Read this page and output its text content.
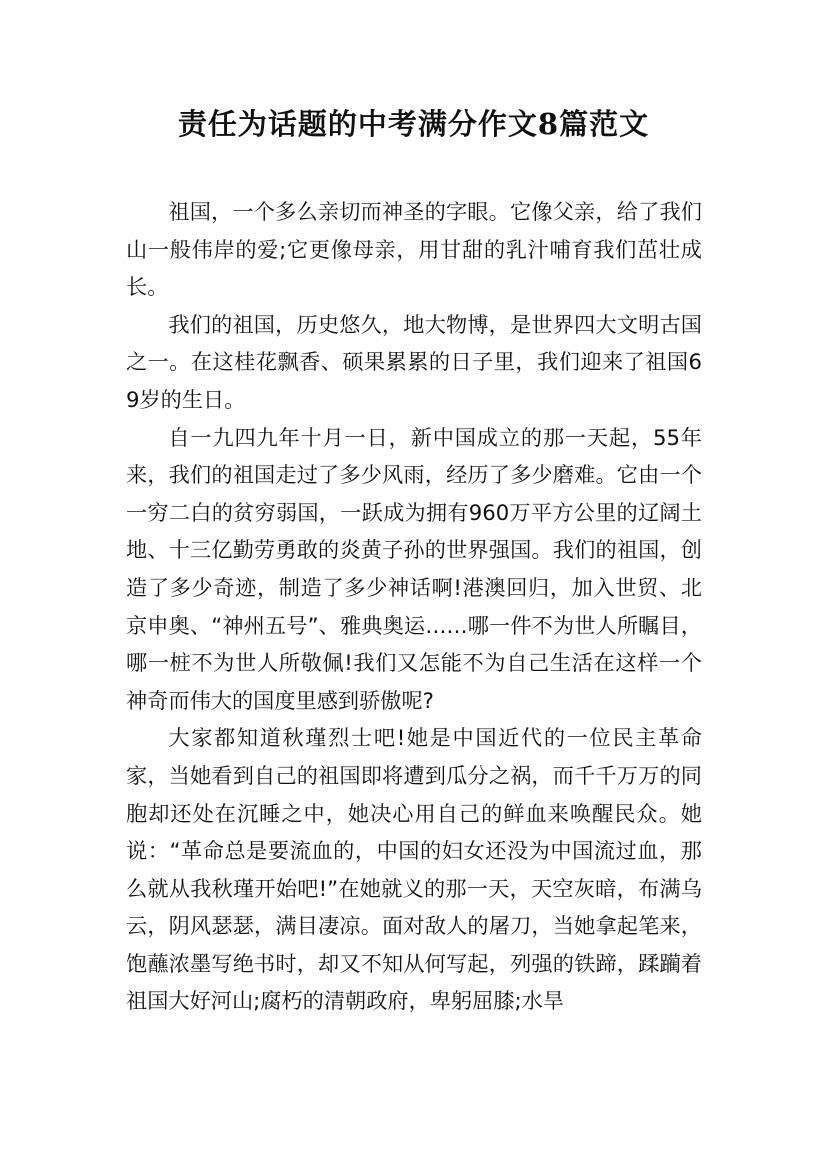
责任为话题的中考满分作文8篇范文

祖国，一个多么亲切而神圣的字眼。它像父亲，给了我们山一般伟岸的爱;它更像母亲，用甘甜的乳汁哺育我们茁壮成长。

我们的祖国，历史悠久，地大物博，是世界四大文明古国之一。在这桂花飘香、硕果累累的日子里，我们迎来了祖国69岁的生日。

自一九四九年十月一日，新中国成立的那一天起，55年来，我们的祖国走过了多少风雨，经历了多少磨难。它由一个一穷二白的贫穷弱国，一跃成为拥有960万平方公里的辽阔土地、十三亿勤劳勇敢的炎黄子孙的世界强国。我们的祖国，创造了多少奇迹，制造了多少神话啊!港澳回归，加入世贸、北京申奥、“神州五号”、雅典奥运……哪一件不为世人所瞩目，哪一桩不为世人所敬佩!我们又怎能不为自己生活在这样一个神奇而伟大的国度里感到骄傲呢?

大家都知道秋瑾烈士吧!她是中国近代的一位民主革命家，当她看到自己的祖国即将遭到瓜分之祸，而千千万万的同胞却还处在沉睡之中，她决心用自己的鲜血来唤醒民众。她说：“革命总是要流血的，中国的妇女还没为中国流过血，那么就从我秋瑾开始吧!”在她就义的那一天，天空灰暗，布满乌云，阴风瑟瑟，满目凄凉。面对敌人的屠刀，当她拿起笔来，饱蘸浓墨写绝书时，却又不知从何写起，列强的铁蹄，蹂躏着祖国大好河山;腐朽的清朝政府，卑躬屈膝;水旱
